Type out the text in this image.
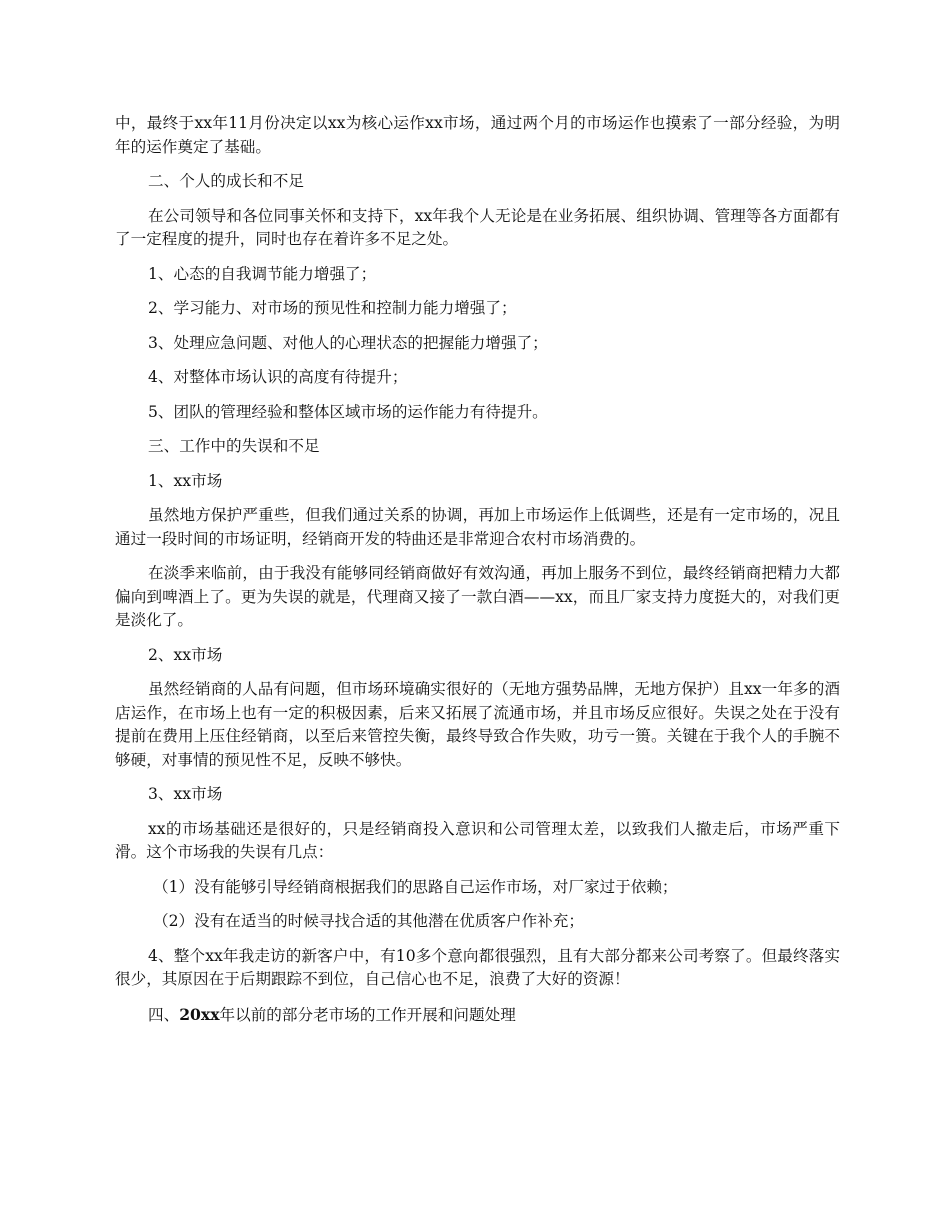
中，最终于xx年11月份决定以xx为核心运作xx市场，通过两个月的市场运作也摸索了一部分经验，为明年的运作奠定了基础。

二、个人的成长和不足

在公司领导和各位同事关怀和支持下，xx年我个人无论是在业务拓展、组织协调、管理等各方面都有了一定程度的提升，同时也存在着许多不足之处。

1、心态的自我调节能力增强了；

2、学习能力、对市场的预见性和控制力能力增强了；

3、处理应急问题、对他人的心理状态的把握能力增强了；

4、对整体市场认识的高度有待提升；

5、团队的管理经验和整体区域市场的运作能力有待提升。

三、工作中的失误和不足

1、xx市场

虽然地方保护严重些，但我们通过关系的协调，再加上市场运作上低调些，还是有一定市场的，况且通过一段时间的市场证明，经销商开发的特曲还是非常迎合农村市场消费的。

在淡季来临前，由于我没有能够同经销商做好有效沟通，再加上服务不到位，最终经销商把精力大都偏向到啤酒上了。更为失误的就是，代理商又接了一款白酒——xx，而且厂家支持力度挺大的，对我们更是淡化了。

2、xx市场

虽然经销商的人品有问题，但市场环境确实很好的（无地方强势品牌，无地方保护）且xx一年多的酒店运作，在市场上也有一定的积极因素，后来又拓展了流通市场，并且市场反应很好。失误之处在于没有提前在费用上压住经销商，以至后来管控失衡，最终导致合作失败，功亏一篑。关键在于我个人的手腕不够硬，对事情的预见性不足，反映不够快。

3、xx市场

xx的市场基础还是很好的，只是经销商投入意识和公司管理太差，以致我们人撤走后，市场严重下滑。这个市场我的失误有几点：

（1）没有能够引导经销商根据我们的思路自己运作市场，对厂家过于依赖；

（2）没有在适当的时候寻找合适的其他潜在优质客户作补充；

4、整个xx年我走访的新客户中，有10多个意向都很强烈，且有大部分都来公司考察了。但最终落实很少，其原因在于后期跟踪不到位，自己信心也不足，浪费了大好的资源！

四、20xx年以前的部分老市场的工作开展和问题处理
